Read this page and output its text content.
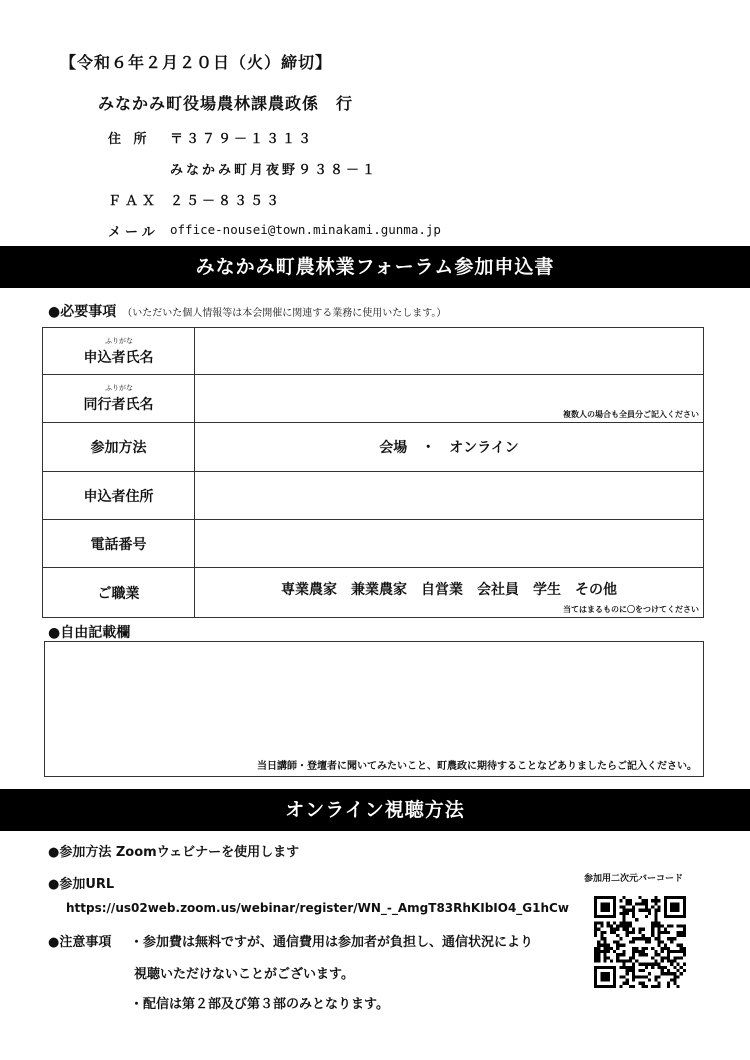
【令和６年２月２０日（火）締切】
みなかみ町役場農林課農政係　行
住 所 〒３７９－１３１３
みなかみ町月夜野９３８－１
ＦＡＸ ２５－８３５３
メール office-nousei@town.minakami.gunma.jp
みなかみ町農林業フォーラム参加申込書
●必要事項 （いただいた個人情報等は本会開催に関連する業務に使用いたします。）
ふりがな
申込者氏名	

ふりがな
同行者氏名	複数人の場合も全員分ご記入ください

参加方法	会場　・　オンライン
申込者住所	
電話番号	
ご職業	専業農家　兼業農家　自営業　会社員　学生　その他
当てはまるものに〇をつけてください
●自由記載欄
当日講師・登壇者に聞いてみたいこと、町農政に期待することなどありましたらご記入ください。
オンライン視聴方法
●参加方法 Zoomウェビナーを使用します
●参加URL
https://us02web.zoom.us/webinar/register/WN_-_AmgT83RhKIbIO4_G1hCw
●注意事項 ・参加費は無料ですが、通信費用は参加者が負担し、通信状況により
視聴いただけないことがございます。
・配信は第２部及び第３部のみとなります。
参加用二次元バーコード
